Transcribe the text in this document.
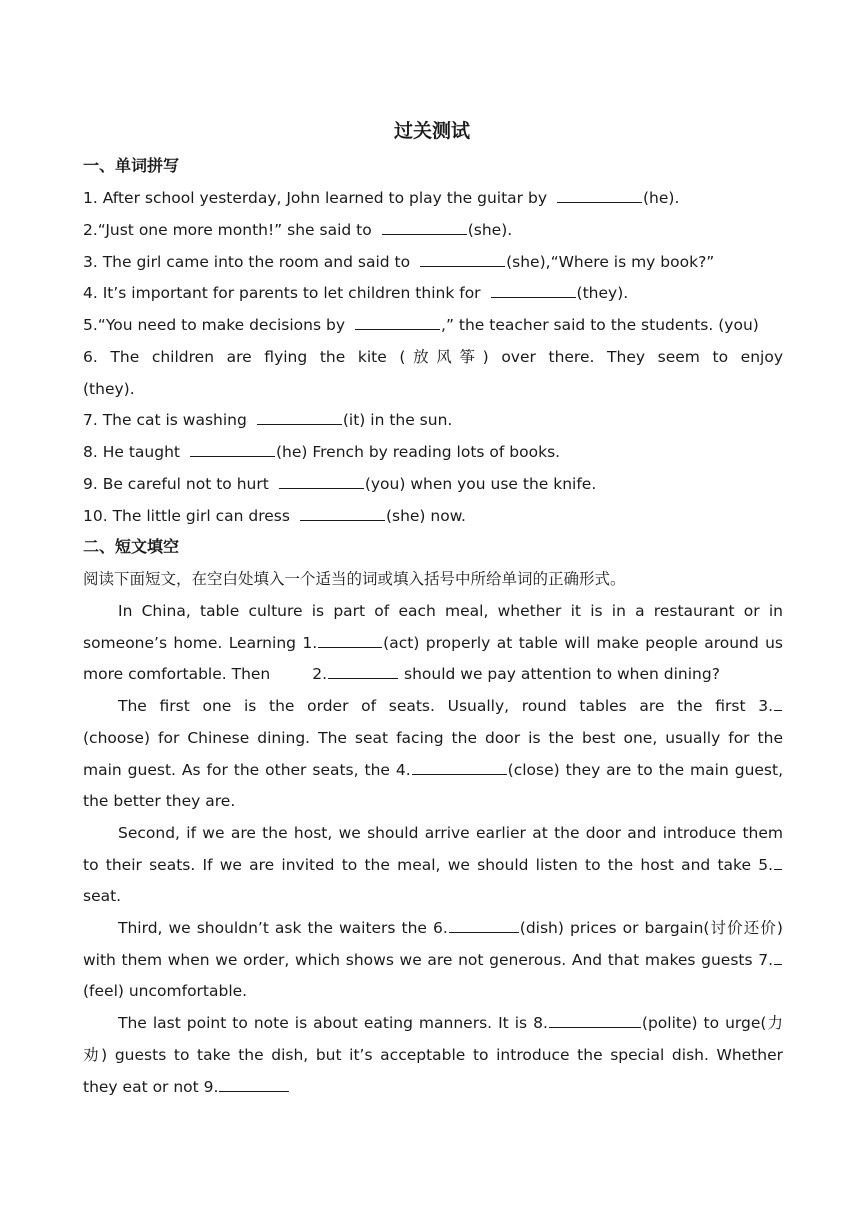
过关测试
一、单词拼写
1. After school yesterday, John learned to play the guitar by	(he).
2.“Just one more month!” she said to	(she).
3. The girl came into the room and said to	(she),“Where is my book?”
4. It’s important for parents to let children think for	(they).
5.“You need to make decisions by	,” the teacher said to the students. (you)
6. The children are flying the kite (放风筝) over there. They seem to enjoy
(they).
7. The cat is washing	(it) in the sun.
8. He taught	(he) French by reading lots of books.
9. Be careful not to hurt	(you) when you use the knife.
10. The little girl can dress	(she) now.
二、短文填空
阅读下面短文，在空白处填入一个适当的词或填入括号中所给单词的正确形式。
In China, table culture is part of each meal, whether it is in a restaurant or in
someone’s home. Learning 1.	(act) properly at table will make people around us
more comfortable. Then	2.	should we pay attention to when dining?
The first one is the order of seats. Usually, round tables are the first 3.
(choose) for Chinese dining. The seat facing the door is the best one, usually for the
main guest. As for the other seats, the 4.	(close) they are to the main guest,
the better they are.
Second, if we are the host, we should arrive earlier at the door and introduce them
to their seats. If we are invited to the meal, we should listen to the host and take 5.
seat.
Third, we shouldn’t ask the waiters the 6.	(dish) prices or bargain(讨价还价)
with them when we order, which shows we are not generous. And that makes guests 7.
(feel) uncomfortable.
The last point to note is about eating manners. It is 8.	(polite) to urge(力
劝) guests to take the dish, but it’s acceptable to introduce the special dish. Whether
they eat or not 9.
